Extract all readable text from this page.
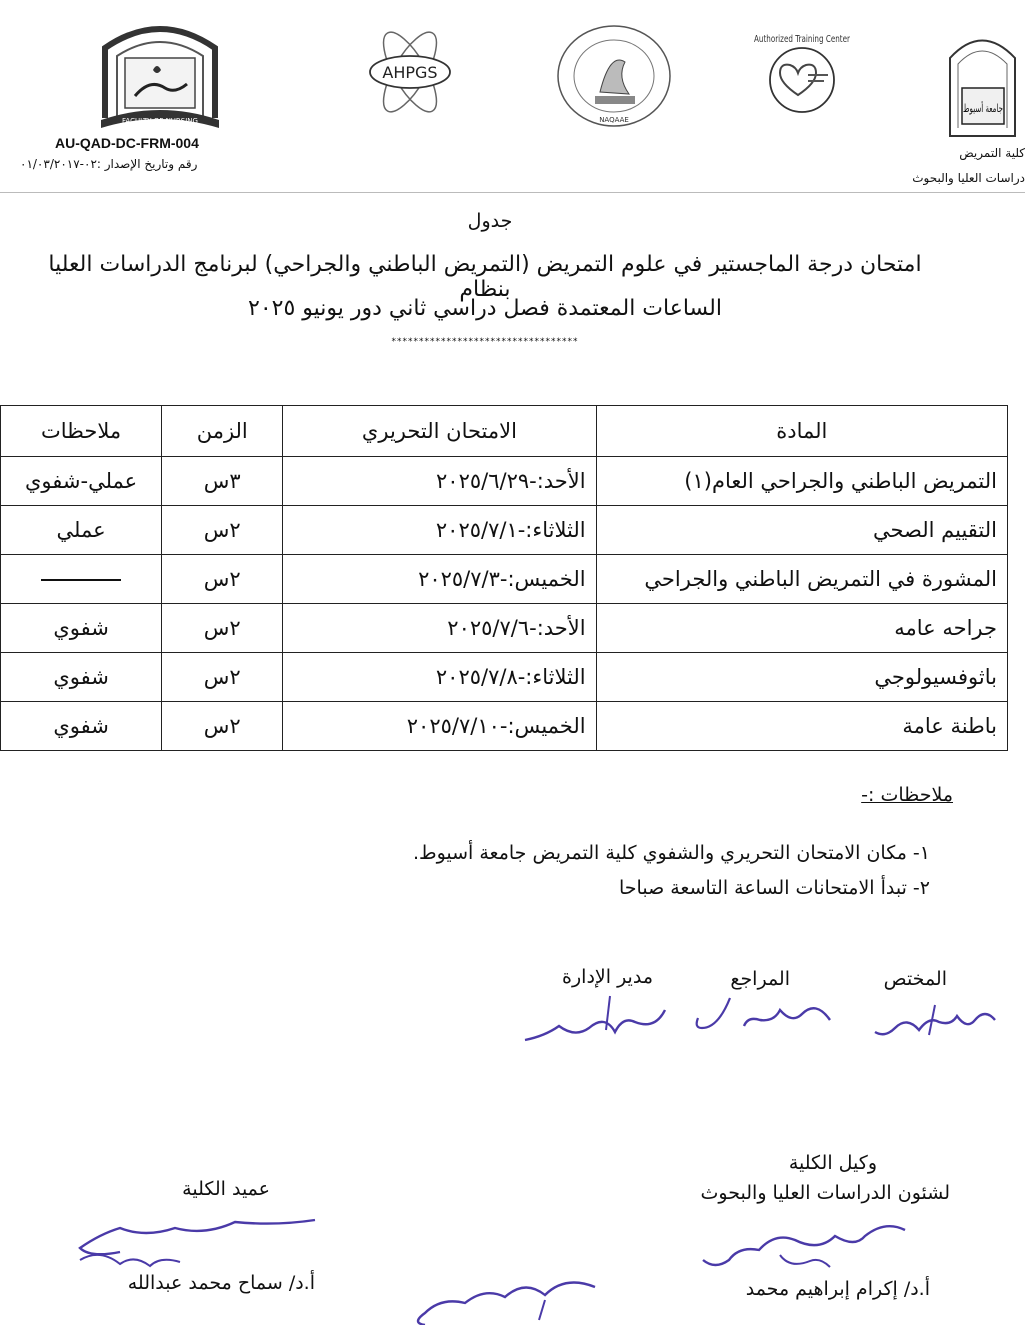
FACULTY OF NURSING
AHPGS
NAQAAE
Authorized Training Center
جامعة أسيوط
AU-QAD-DC-FRM-004
رقم وتاريخ الإصدار :٠٢-٠١/٠٣/٢٠١٧
كلية التمريض
دراسات العليا والبحوث
جدول
امتحان درجة الماجستير في علوم التمريض (التمريض الباطني والجراحي) لبرنامج الدراسات العليا بنظام
الساعات المعتمدة فصل دراسي ثاني دور يونيو ٢٠٢٥
**********************************
المادة	الامتحان التحريري	الزمن	ملاحظات
التمريض الباطني والجراحي العام(١)	الأحد:-٢٠٢٥/٦/٢٩	٣س	عملي-شفوي
التقييم الصحي	الثلاثاء:-٢٠٢٥/٧/١	٢س	عملي
المشورة في التمريض الباطني والجراحي	الخميس:-٢٠٢٥/٧/٣	٢س	
جراحه عامه	الأحد:-٢٠٢٥/٧/٦	٢س	شفوي
باثوفسيولوجي	الثلاثاء:-٢٠٢٥/٧/٨	٢س	شفوي
باطنة عامة	الخميس:-٢٠٢٥/٧/١٠	٢س	شفوي
ملاحظات :-
١- مكان الامتحان التحريري والشفوي كلية التمريض جامعة أسيوط.
٢- تبدأ الامتحانات الساعة التاسعة صباحا
المختص
المراجع
مدير الإدارة
وكيل الكلية
لشئون الدراسات العليا والبحوث
أ.د/ إكرام إبراهيم محمد
عميد الكلية
أ.د/ سماح محمد عبدالله
